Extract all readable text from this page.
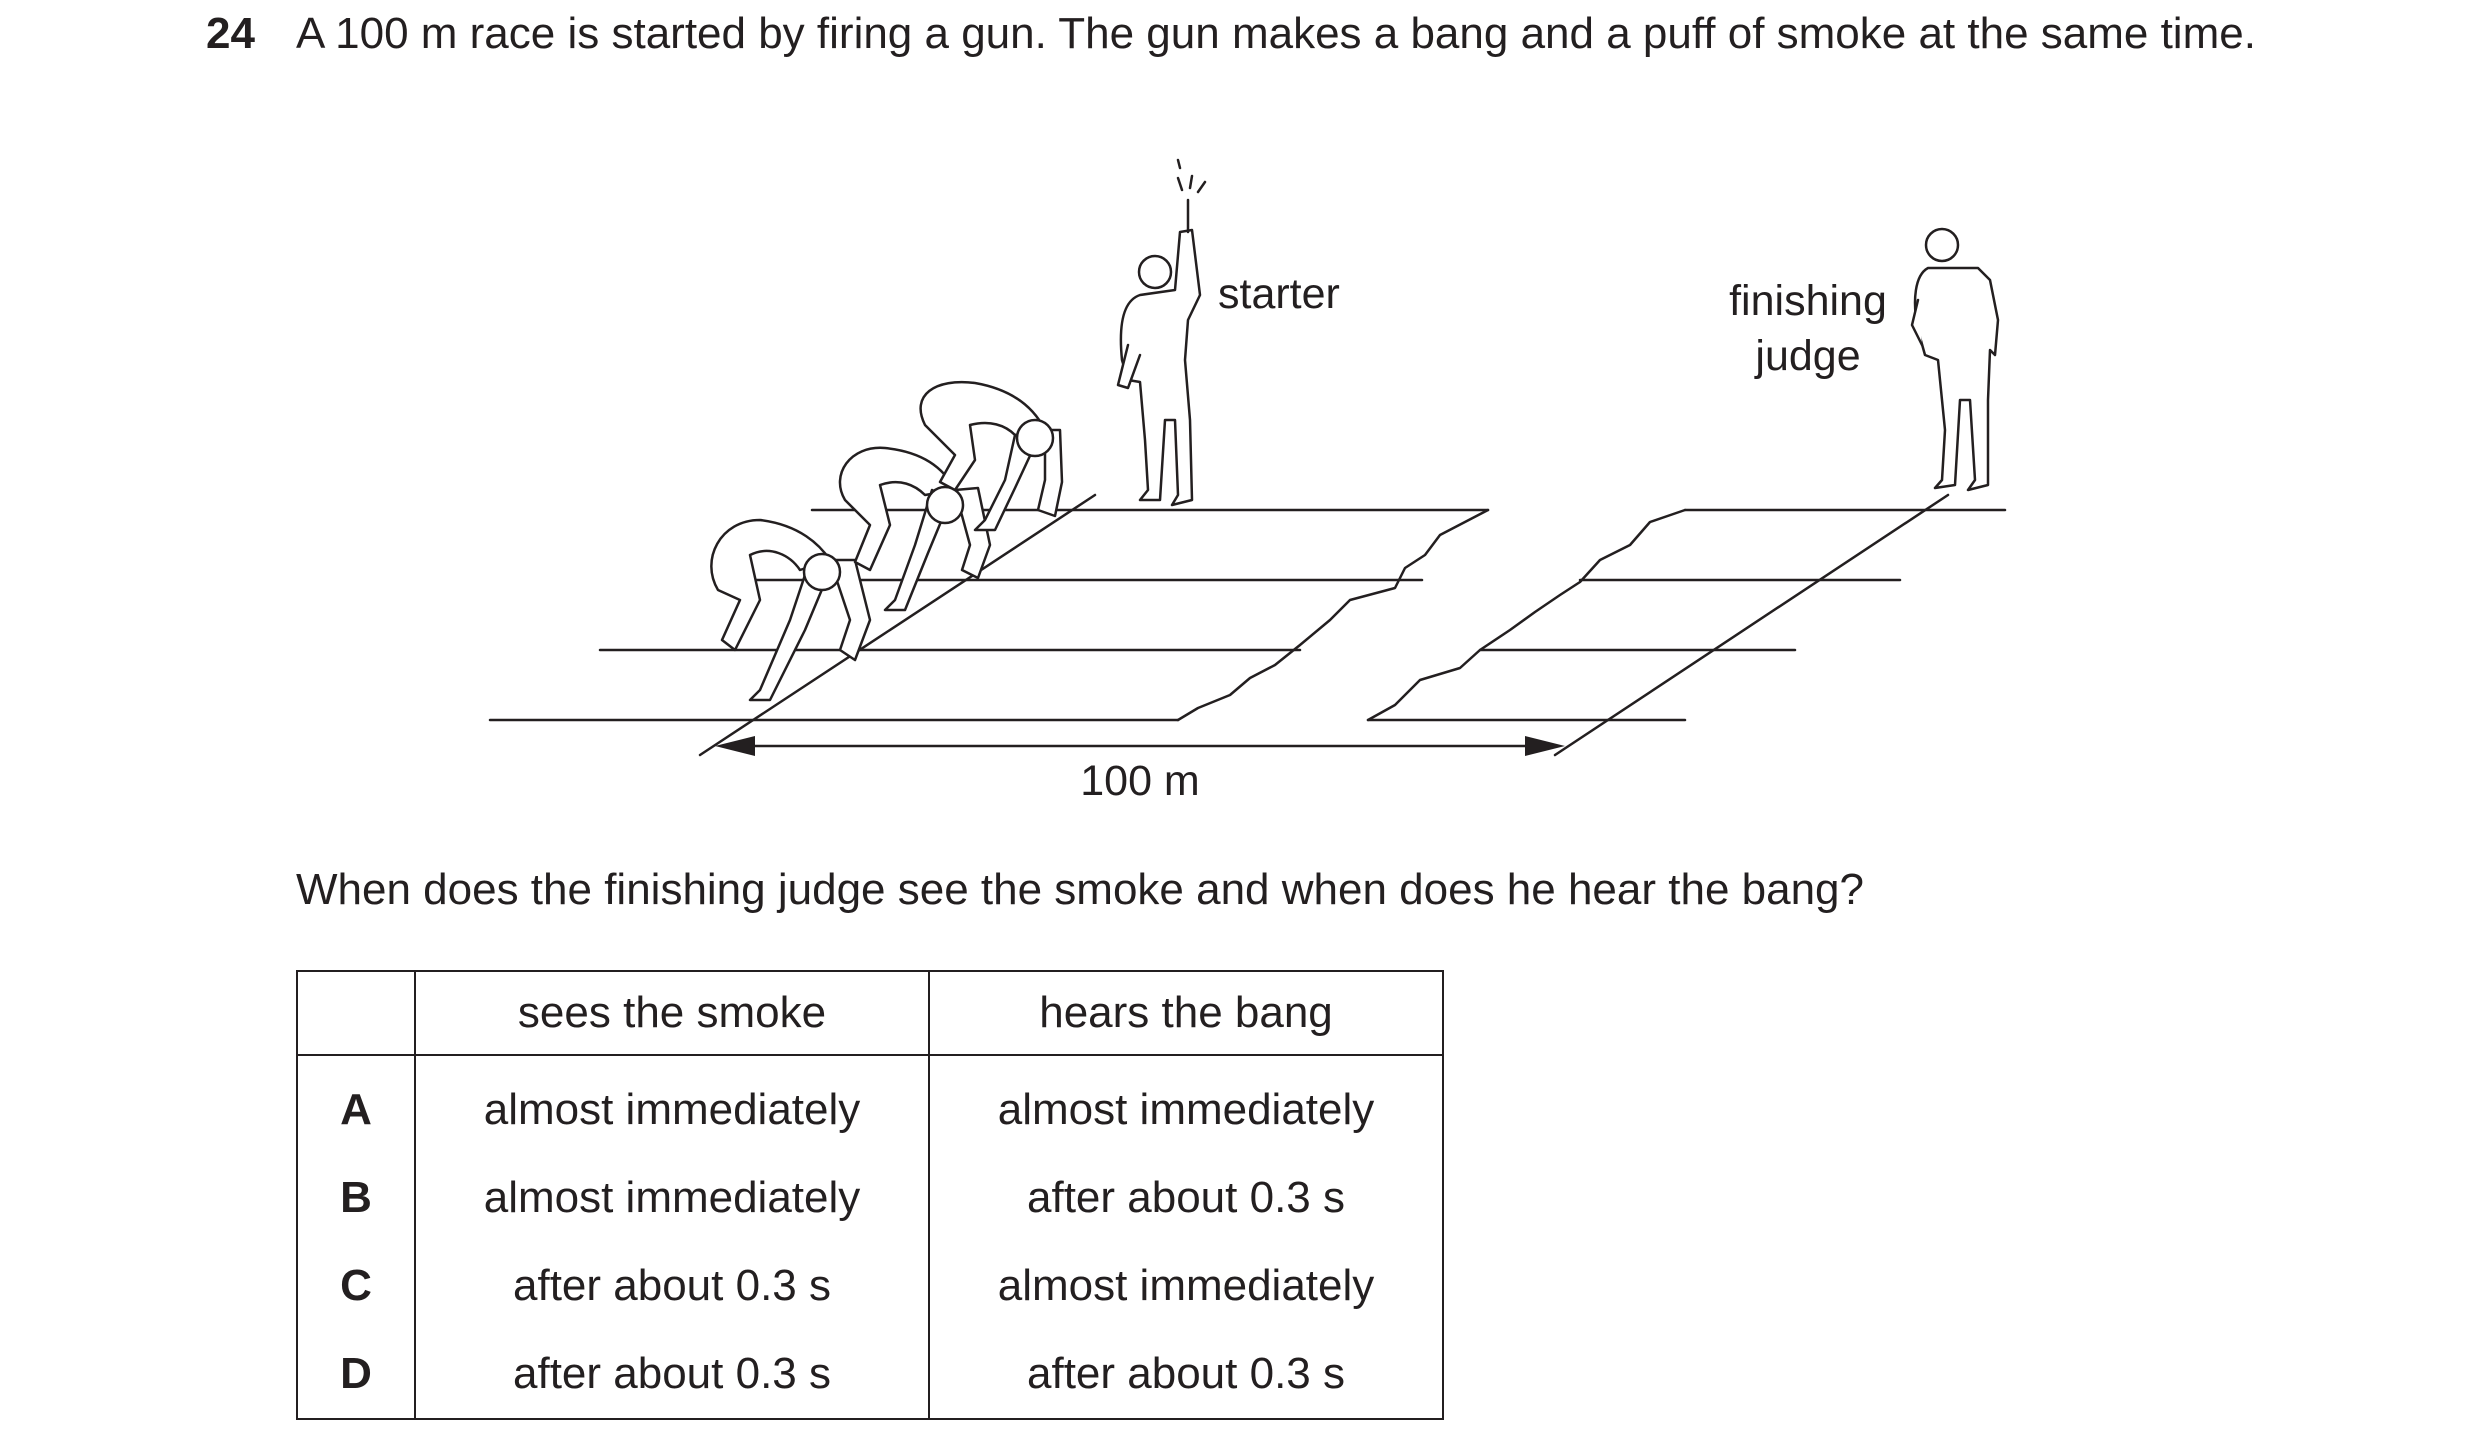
24 A 100 m race is started by firing a gun. The gun makes a bang and a puff of smoke at the same time.
starter	finishing
judge
100 m
When does the finishing judge see the smoke and when does he hear the bang?
	sees the smoke	hears the bang
A	almost immediately	almost immediately
B	almost immediately	after about 0.3 s
C	after about 0.3 s	almost immediately
D	after about 0.3 s	after about 0.3 s
